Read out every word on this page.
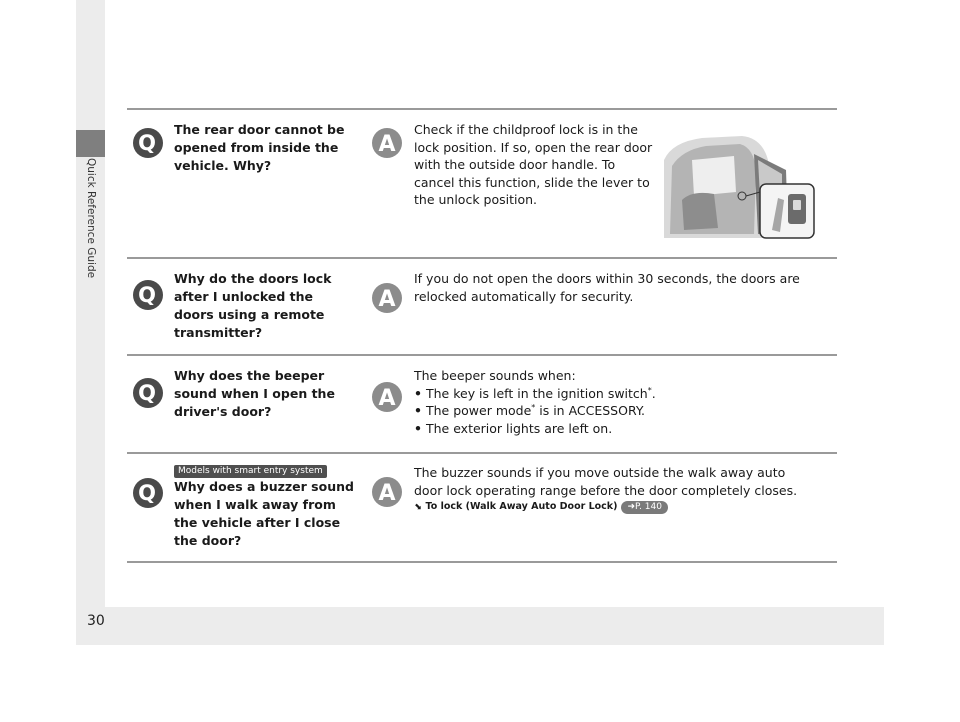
Quick Reference Guide
Q
The rear door cannot be opened from inside the vehicle. Why?
A
Check if the childproof lock is in the lock position. If so, open the rear door with the outside door handle. To cancel this function, slide the lever to the unlock position.
Q
Why do the doors lock after I unlocked the doors using a remote transmitter?
A
If you do not open the doors within 30 seconds, the doors are relocked automatically for security.
Q
Why does the beeper sound when I open the driver's door?
A

The beeper sounds when:

• The key is left in the ignition switch*.
• The power mode* is in ACCESSORY.
• The exterior lights are left on.
Models with smart entry system
Q Why does a buzzer sound when I walk away from the vehicle after I close the door?
A
The buzzer sounds if you move outside the walk away auto door lock operating range before the door completely closes.
⬊ To lock (Walk Away Auto Door Lock) ➜P. 140
30
